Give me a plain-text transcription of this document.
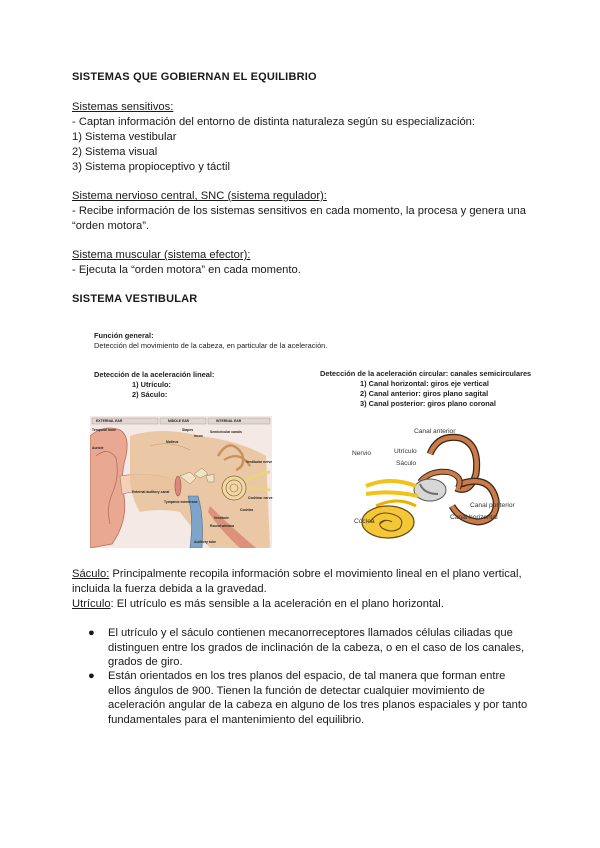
SISTEMAS QUE GOBIERNAN EL EQUILIBRIO
Sistemas sensitivos:
- Captan información del entorno de distinta naturaleza según su especialización:
1) Sistema vestibular
2) Sistema visual
3) Sistema propioceptivo y táctil
Sistema nervioso central, SNC (sistema regulador):
- Recibe información de los sistemas sensitivos en cada momento, la procesa y genera una
“orden motora”.
Sistema muscular (sistema efector):
- Ejecuta la “orden motora” en cada momento.
SISTEMA VESTIBULAR
Función general:
Detección del movimiento de la cabeza, en particular de la aceleración.
Detección de la aceleración lineal:
1) Utrículo:
2) Sáculo:
Detección de la aceleración circular: canales semicirculares
1) Canal horizontal: giros eje vertical
2) Canal anterior: giros plano sagital
3) Canal posterior: giros plano coronal
EXTERNAL EAR	MIDDLE EAR	INTERNAL EAR
Temporal bone
Auricle
Stapes
Incus
Malleus
Semicircular canals
Vestibular nerve
Cochlear nerve
Cochlea
Vestibule
Round window
External auditory canal
Tympanic membrane
Auditory tube
Canal anterior
Nervio	Utrículo
Sáculo
Canal posterior
Canal horizontal
Cóclea
Sáculo: Principalmente recopila información sobre el movimiento lineal en el plano vertical,
incluida la fuerza debida a la gravedad.
Utrículo: El utrículo es más sensible a la aceleración en el plano horizontal.
● El utrículo y el sáculo contienen mecanorreceptores llamados células ciliadas que
distinguen entre los grados de inclinación de la cabeza, o en el caso de los canales,
grados de giro.
● Están orientados en los tres planos del espacio, de tal manera que forman entre
ellos ángulos de 900. Tienen la función de detectar cualquier movimiento de
aceleración angular de la cabeza en alguno de los tres planos espaciales y por tanto
fundamentales para el mantenimiento del equilibrio.
